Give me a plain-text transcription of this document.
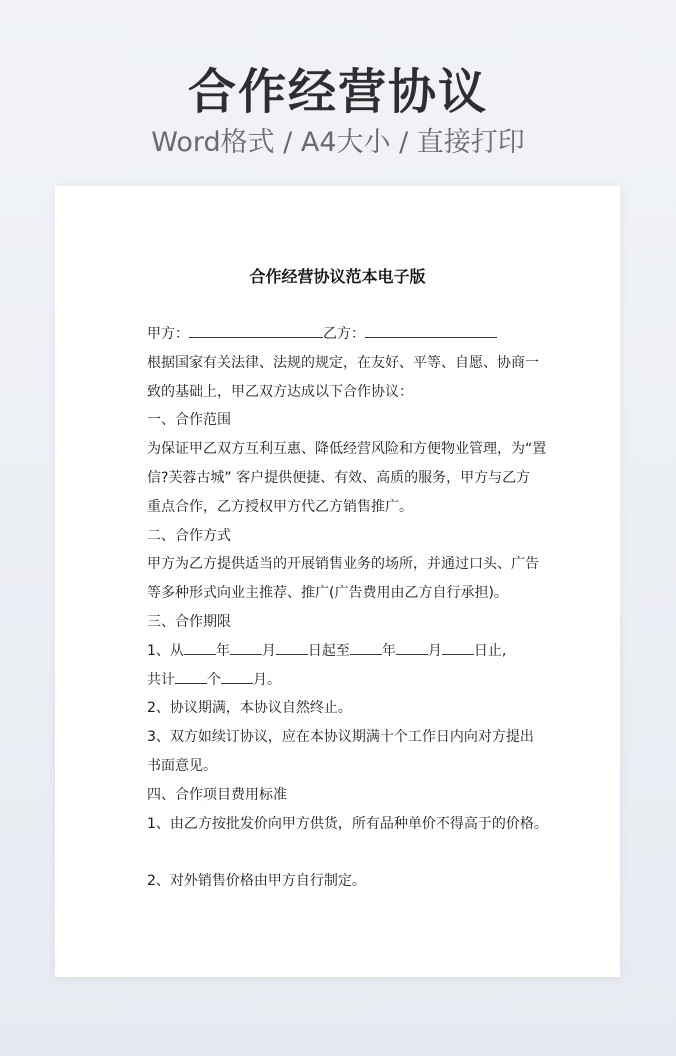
合作经营协议
Word格式 / A4大小 / 直接打印
合作经营协议范本电子版
甲方：	乙方：
根据国家有关法律、法规的规定，在友好、平等、自愿、协商一
致的基础上，甲乙双方达成以下合作协议：
一、合作范围
为保证甲乙双方互利互惠、降低经营风险和方便物业管理，为“置
信?芙蓉古城” 客户提供便捷、有效、高质的服务，甲方与乙方
重点合作，乙方授权甲方代乙方销售推广。
二、合作方式
甲方为乙方提供适当的开展销售业务的场所，并通过口头、广告
等多种形式向业主推荐、推广(广告费用由乙方自行承担)。
三、合作期限
1、从 年 月 日起至 年 月 日止,
共计 个 月。
2、协议期满，本协议自然终止。
3、双方如续订协议，应在本协议期满十个工作日内向对方提出
书面意见。
四、合作项目费用标准
1、由乙方按批发价向甲方供货，所有品种单价不得高于的价格。
2、对外销售价格由甲方自行制定。
